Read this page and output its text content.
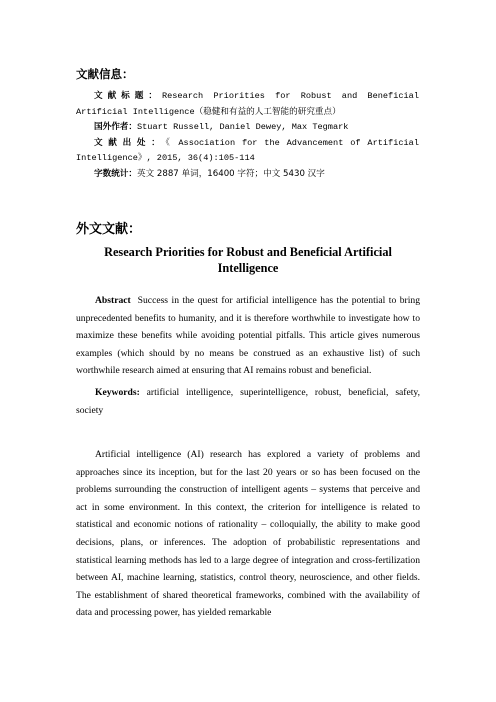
文献信息：
文献标题：Research Priorities for Robust and Beneficial Artificial Intelligence（稳健和有益的人工智能的研究重点）
国外作者：Stuart Russell, Daniel Dewey, Max Tegmark
文献出处：《 Association for the Advancement of Artificial Intelligence》, 2015, 36(4):105-114
字数统计：英文 2887 单词，16400 字符；中文 5430 汉字
外文文献：
Research Priorities for Robust and Beneficial Artificial Intelligence
Abstract Success in the quest for artificial intelligence has the potential to bring unprecedented benefits to humanity, and it is therefore worthwhile to investigate how to maximize these benefits while avoiding potential pitfalls. This article gives numerous examples (which should by no means be construed as an exhaustive list) of such worthwhile research aimed at ensuring that AI remains robust and beneficial.
Keywords: artificial intelligence, superintelligence, robust, beneficial, safety, society
Artificial intelligence (AI) research has explored a variety of problems and approaches since its inception, but for the last 20 years or so has been focused on the problems surrounding the construction of intelligent agents – systems that perceive and act in some environment. In this context, the criterion for intelligence is related to statistical and economic notions of rationality – colloquially, the ability to make good decisions, plans, or inferences. The adoption of probabilistic representations and statistical learning methods has led to a large degree of integration and cross-fertilization between AI, machine learning, statistics, control theory, neuroscience, and other fields. The establishment of shared theoretical frameworks, combined with the availability of data and processing power, has yielded remarkable
